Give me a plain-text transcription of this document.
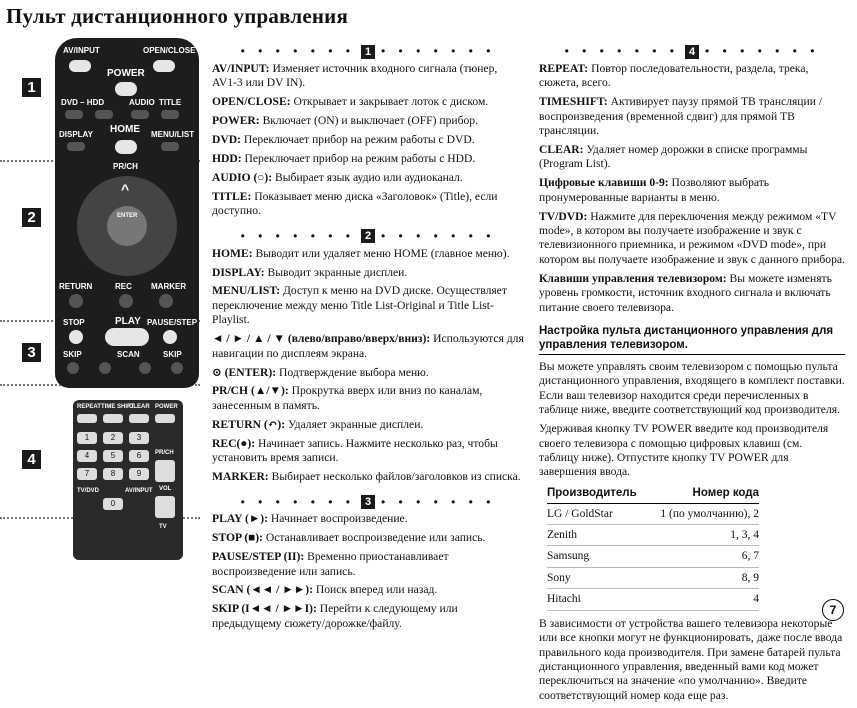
Пульт дистанционного управления
1
2
3
4
AV/INPUT	OPEN/CLOSE
POWER
DVD – HDD	AUDIO TITLE
DISPLAY HOME MENU/LIST
PR/CH
ENTER
^
RETURN	REC MARKER
STOP	PLAY PAUSE/STEP
SKIP	SCAN	SKIP
REPEAT TIME SHIFT
CLEAR POWER
1	2	3
4	5	6
7	8	9
0
PR/CH
VOL
TV/DVD	AV/INPUT
TV
• • • • • • • 1 • • • • • • •

AV/INPUT: Изменяет источник входного сигнала (тюнер, AV1-3 или DV IN).

OPEN/CLOSE: Открывает и закрывает лоток с диском.

POWER: Включает (ON) и выключает (OFF) прибор.

DVD: Переключает прибор на режим работы с DVD.

HDD: Переключает прибор на режим работы с HDD.

AUDIO (○): Выбирает язык аудио или аудиоканал.

TITLE: Показывает меню диска «Заголовок» (Title), если доступно.

• • • • • • • 2 • • • • • • •

HOME: Выводит или удаляет меню HOME (главное меню).

DISPLAY: Выводит экранные дисплеи.

MENU/LIST: Доступ к меню на DVD диске. Осуществляет переключение между меню Title List-Original и Title List-Playlist.

◄ / ► / ▲ / ▼ (влево/вправо/вверх/вниз): Используются для навигации по дисплеям экрана.

⊙ (ENTER): Подтверждение выбора меню.

PR/CH (▲/▼): Прокрутка вверх или вниз по каналам, занесенным в память.

RETURN (↶): Удаляет экранные дисплеи.

REC(●): Начинает запись. Нажмите несколько раз, чтобы установить время записи.

MARKER: Выбирает несколько файлов/заголовков из списка.

• • • • • • • 3 • • • • • • •

PLAY (►): Начинает воспроизведение.

STOP (■): Останавливает воспроизведение или запись.

PAUSE/STEP (II): Временно приостанавливает воспроизведение или запись.

SCAN (◄◄ / ►►): Поиск вперед или назад.

SKIP (I◄◄ / ►►I): Перейти к следующему или предыдущему сюжету/дорожке/файлу.

• • • • • • • 4 • • • • • • •

REPEAT: Повтор последовательности, раздела, трека, сюжета, всего.

TIMESHIFT: Активирует паузу прямой ТВ трансляции / воспроизведения (временной сдвиг) для прямой ТВ трансляции.

CLEAR: Удаляет номер дорожки в списке программы (Program List).

Цифровые клавиши 0-9: Позволяют выбрать пронумерованные варианты в меню.

TV/DVD: Нажмите для переключения между режимом «TV mode», в котором вы получаете изображение и звук с телевизионного приемника, и режимом «DVD mode», при котором вы получаете изображение и звук с данного прибора.

Клавиши управления телевизором: Вы можете изменять уровень громкости, источник входного сигнала и включать питание своего телевизора.

Настройка пульта дистанционного управления для управления телевизором.

Вы можете управлять своим телевизором с помощью пульта дистанционного управления, входящего в комплект поставки. Если ваш телевизор находится среди перечисленных в таблице ниже, введите соответствующий код производителя.

Удерживая кнопку TV POWER введите код производителя своего телевизора с помощью цифровых клавиш (см. таблицу ниже). Отпустите кнопку TV POWER для завершения ввода.

Производитель	Номер кода
LG / GoldStar	1 (по умолчанию), 2
Zenith	1, 3, 4
Samsung	6, 7
Sony	8, 9
Hitachi	4

В зависимости от устройства вашего телевизора некоторые или все кнопки могут не функционировать, даже после ввода правильного кода производителя. При замене батарей пульта дистанционного управления, введенный вами код может переключиться на значение «по умолчанию». Введите соответствующий номер кода еще раз.

7
